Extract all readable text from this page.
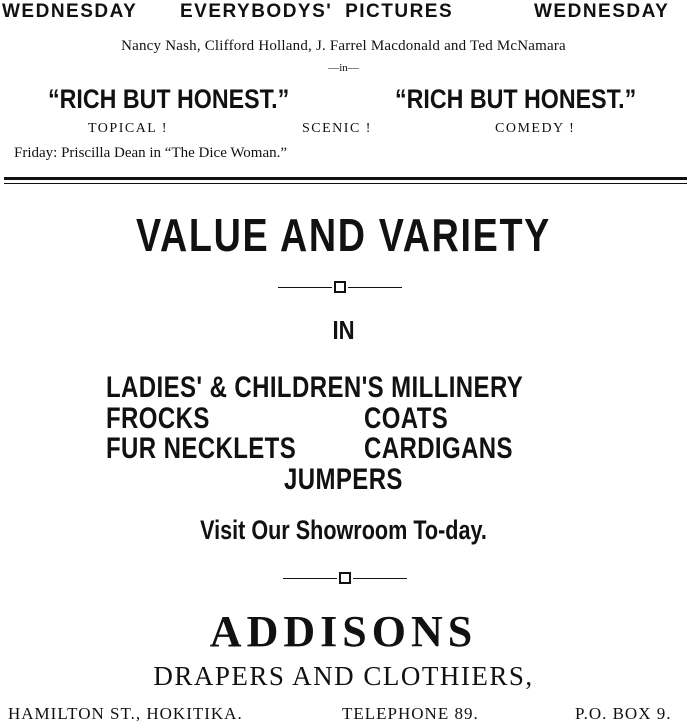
WEDNESDAY EVERYBODYS' PICTURES	WEDNESDAY
Nancy Nash, Clifford Holland, J. Farrel Macdonald and Ted McNamara
—in—
“RICH BUT HONEST.”	“RICH BUT HONEST.”
TOPICAL !	SCENIC !	COMEDY !
Friday: Priscilla Dean in “The Dice Woman.”
VALUE AND VARIETY
IN
LADIES' & CHILDREN'S MILLINERY
FROCKS	COATS
FUR NECKLETS CARDIGANS
JUMPERS
Visit Our Showroom To-day.
ADDISONS
DRAPERS AND CLOTHIERS,
HAMILTON ST., HOKITIKA.	TELEPHONE 89.	P.O. BOX 9.
